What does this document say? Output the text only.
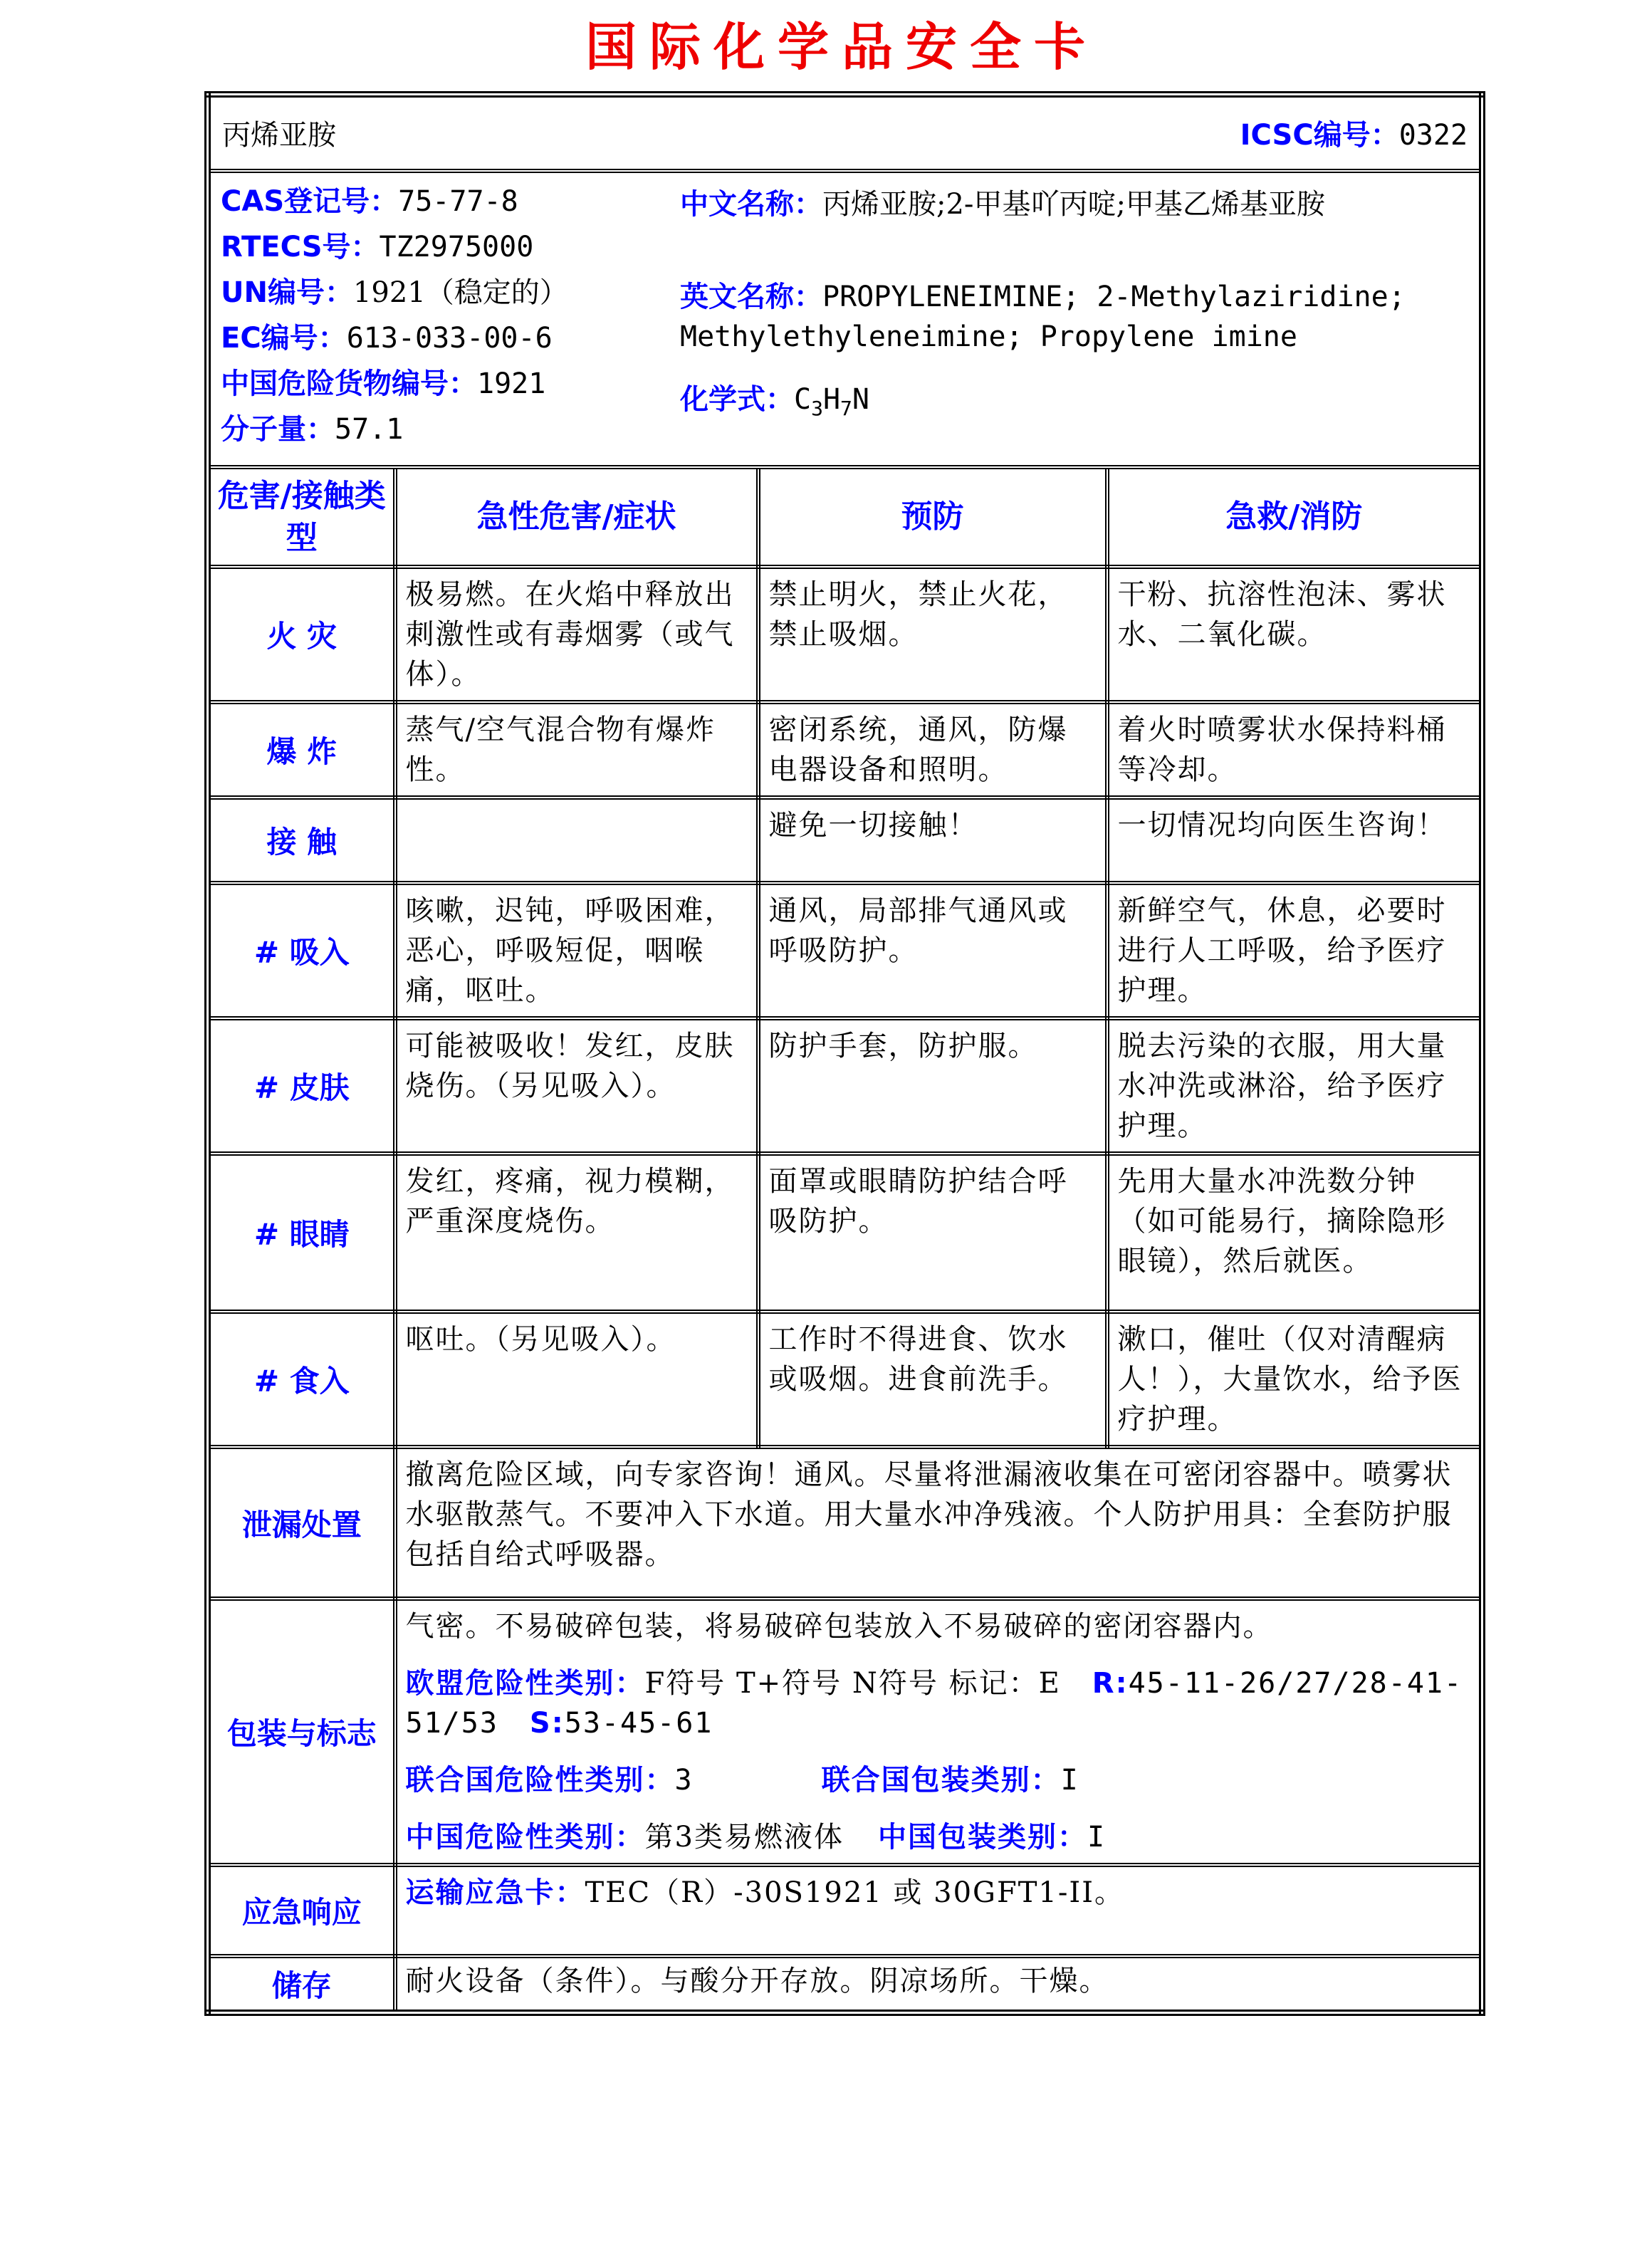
国际化学品安全卡
丙烯亚胺 ICSC编号：0322			

CAS登记号：75-77-8
RTECS号：TZ2975000
UN编号：1921（稳定的）
EC编号：613-033-00-6
中国危险货物编号：1921
分子量：57.1
中文名称：丙烯亚胺;2-甲基吖丙啶;甲基乙烯基亚胺
英文名称：PROPYLENEIMINE; 2-Methylaziridine; Methylethyleneimine; Propylene imine
化学式：$C_3H_7N$

危害/接触类型	急性危害/症状	预防	急救/消防
火 灾	极易燃。在火焰中释放出刺激性或有毒烟雾（或气体）。	禁止明火，禁止火花，禁止吸烟。	干粉、抗溶性泡沫、雾状水、二氧化碳。
爆 炸	蒸气/空气混合物有爆炸性。	密闭系统，通风，防爆电器设备和照明。	着火时喷雾状水保持料桶等冷却。
接 触		避免一切接触！	一切情况均向医生咨询！
# 吸入	咳嗽，迟钝，呼吸困难，恶心，呼吸短促，咽喉痛，呕吐。	通风，局部排气通风或呼吸防护。	新鲜空气，休息，必要时进行人工呼吸，给予医疗护理。
# 皮肤	可能被吸收！发红，皮肤烧伤。（另见吸入）。	防护手套，防护服。	脱去污染的衣服，用大量水冲洗或淋浴，给予医疗护理。
# 眼睛	发红，疼痛，视力模糊，严重深度烧伤。	面罩或眼睛防护结合呼吸防护。	先用大量水冲洗数分钟（如可能易行，摘除隐形眼镜），然后就医。
# 食入	呕吐。（另见吸入）。	工作时不得进食、饮水或吸烟。进食前洗手。	漱口，催吐（仅对清醒病人！），大量饮水，给予医疗护理。
泄漏处置	撤离危险区域，向专家咨询！通风。尽量将泄漏液收集在可密闭容器中。喷雾状水驱散蒸气。不要冲入下水道。用大量水冲净残液。个人防护用具：全套防护服包括自给式呼吸器。		
包装与标志	气密。不易破碎包装，将易破碎包装放入不易破碎的密闭容器内。

欧盟危险性类别：F符号 T+符号 N符号 标记：E R:45-11-26/27/28-41-51/53 S:53-45-61

联合国危险性类别：3 联合国包装类别：I

中国危险性类别：第3类易燃液体 中国包装类别：I		

应急响应	运输应急卡：TEC（R）-30S1921 或 30GFT1-II。		
储存	耐火设备（条件）。与酸分开存放。阴凉场所。干燥。		
